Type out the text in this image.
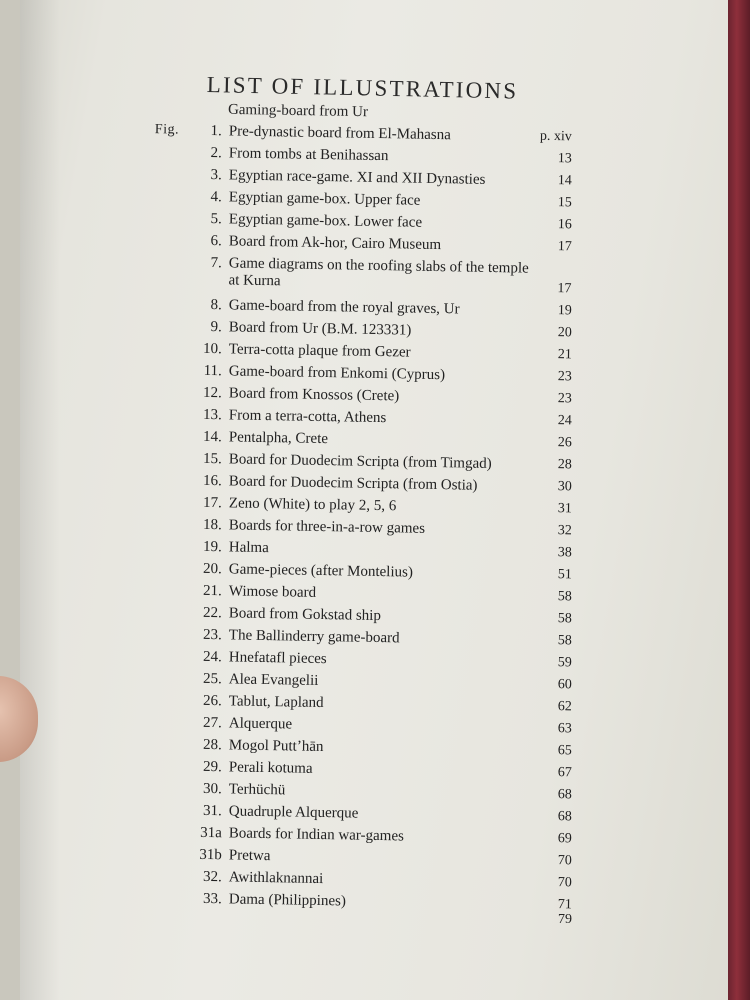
LIST OF ILLUSTRATIONS
Gaming-board from Ur
Fig.	1. Pre-dynastic board from El-Mahasna	p. xiv
2. From tombs at Benihassan	13
3. Egyptian race-game. XI and XII Dynasties	14
4. Egyptian game-box. Upper face	15
5. Egyptian game-box. Lower face	16
6. Board from Ak-hor, Cairo Museum	17
7. Game diagrams on the roofing slabs of the temple at Kurna	17
8. Game-board from the royal graves, Ur	19
9. Board from Ur (B.M. 123331)	20
10. Terra-cotta plaque from Gezer	21
11. Game-board from Enkomi (Cyprus)	23
12. Board from Knossos (Crete)	23
13. From a terra-cotta, Athens	24
14. Pentalpha, Crete	26
15. Board for Duodecim Scripta (from Timgad)	28
16. Board for Duodecim Scripta (from Ostia)	30
17. Zeno (White) to play 2, 5, 6	31
18. Boards for three-in-a-row games	32
19. Halma	38
20. Game-pieces (after Montelius)	51
21. Wimose board	58
22. Board from Gokstad ship	58
23. The Ballinderry game-board	58
24. Hnefatafl pieces	59
25. Alea Evangelii	60
26. Tablut, Lapland	62
27. Alquerque	63
28. Mogol Putt’hān	65
29. Perali kotuma	67
30. Terhüchü	68
31. Quadruple Alquerque	68
31a Boards for Indian war-games	69
31b Pretwa	70
32. Awithlaknannai	70
33. Dama (Philippines)	71
79
